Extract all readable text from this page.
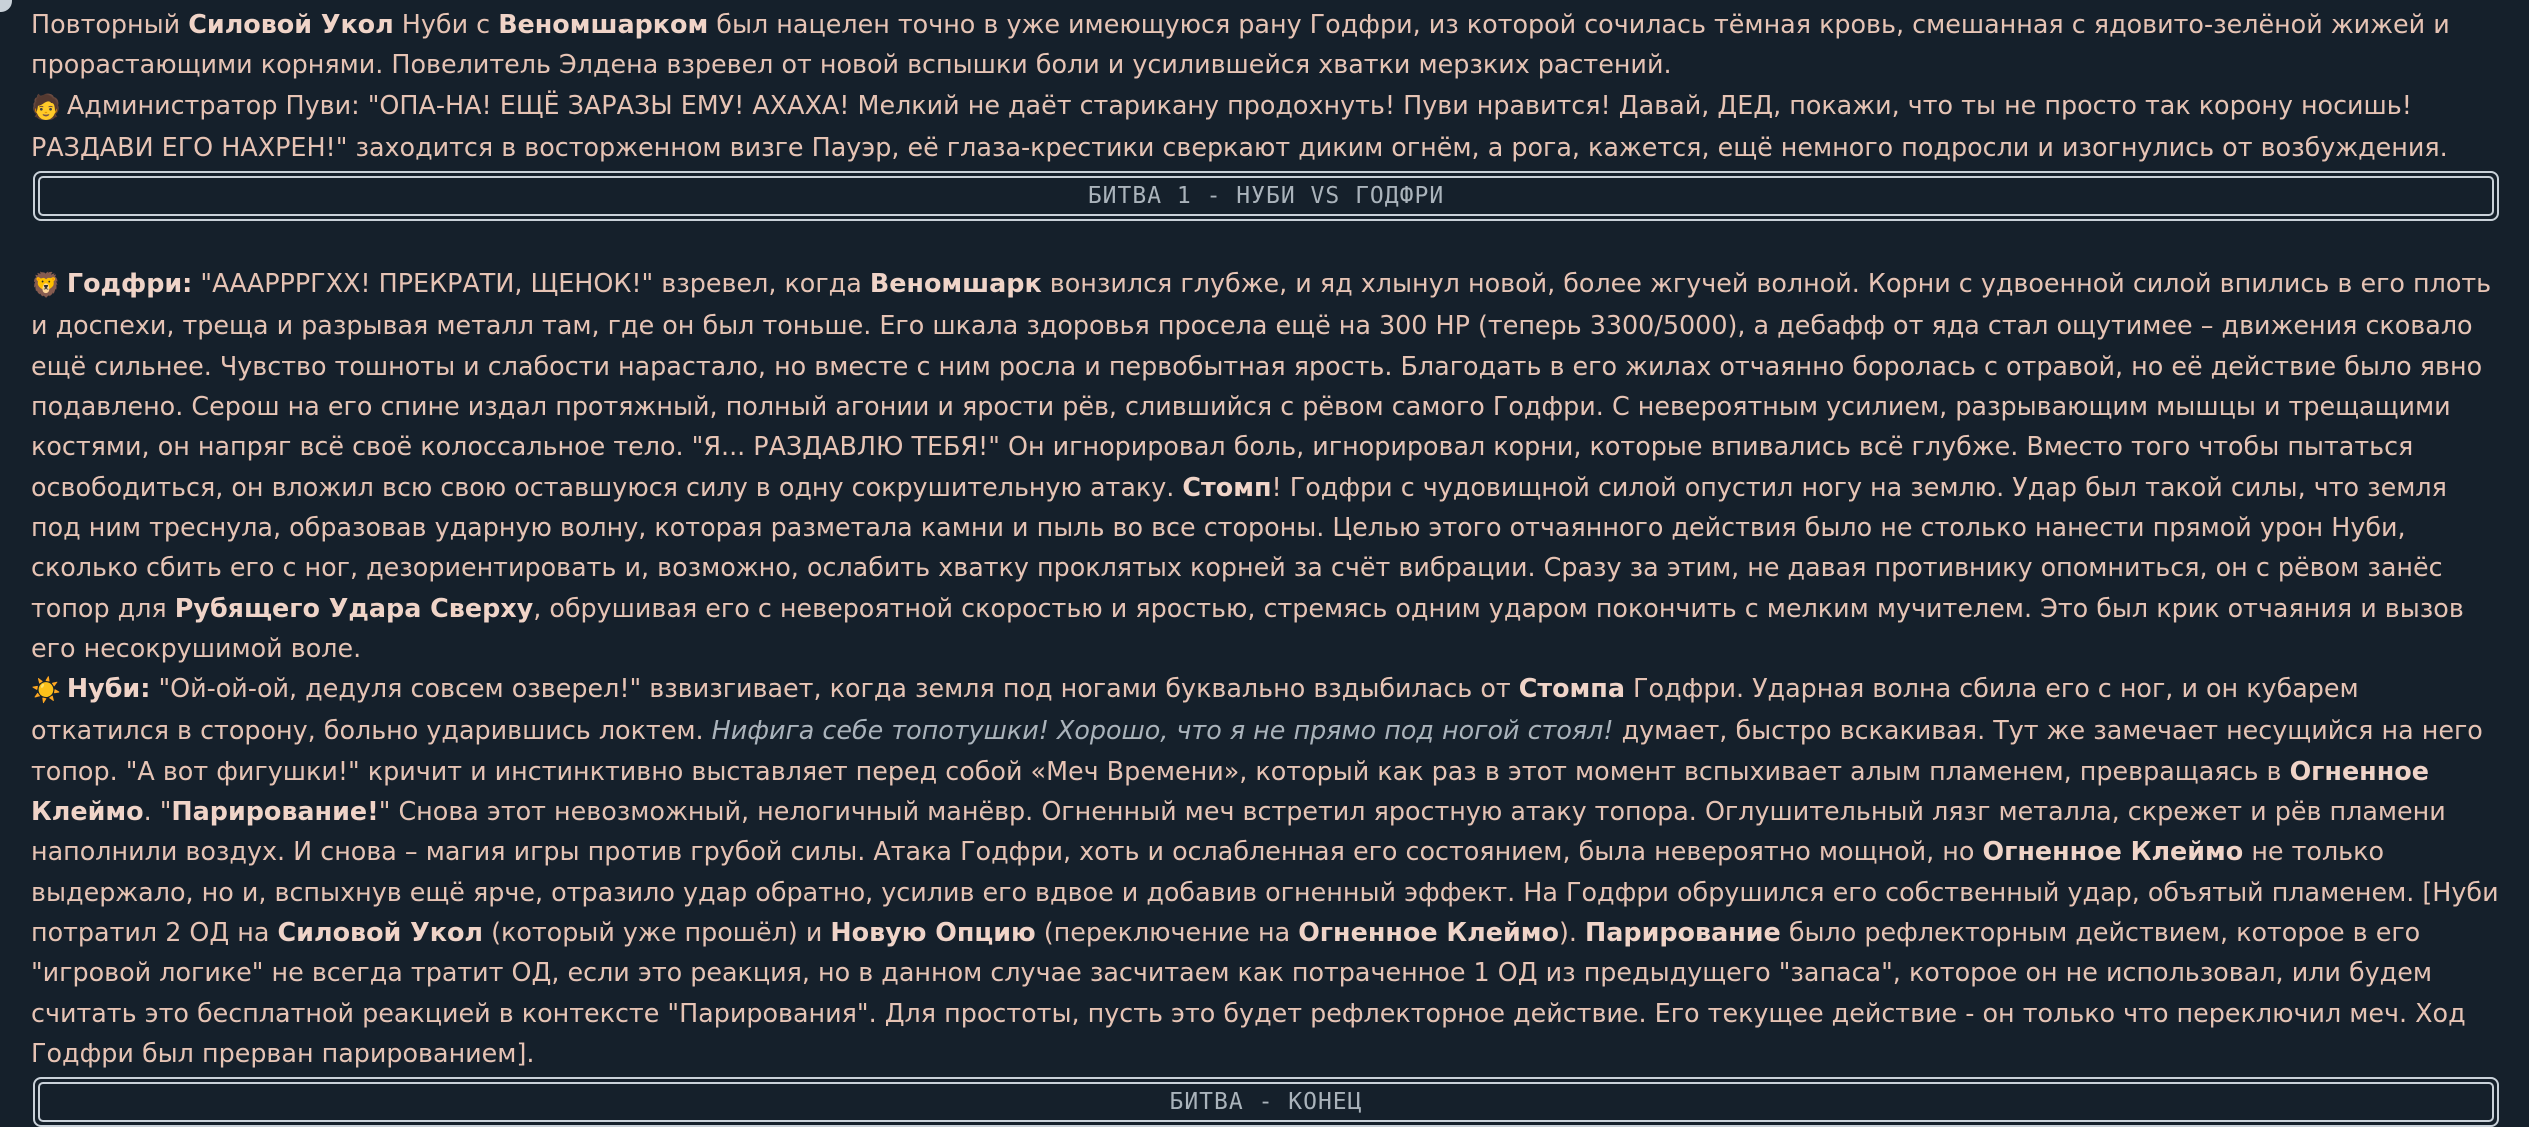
Повторный Силовой Укол Нуби с Веномшарком был нацелен точно в уже имеющуюся рану Годфри, из которой сочилась тёмная кровь, смешанная с ядовито-зелёной жижей и прорастающими корнями. Повелитель Элдена взревел от новой вспышки боли и усилившейся хватки мерзких растений.

🧑 Администратор Пуви: "ОПА-НА! ЕЩЁ ЗАРАЗЫ ЕМУ! АХАХА! Мелкий не даёт старикану продохнуть! Пуви нравится! Давай, ДЕД, покажи, что ты не просто так корону носишь! РАЗДАВИ ЕГО НАХРЕН!" заходится в восторженном визге Пауэр, её глаза-крестики сверкают диким огнём, а рога, кажется, ещё немного подросли и изогнулись от возбуждения.

БИТВА 1 - НУБИ VS ГОДФРИ

🦁 Годфри: "АААРРРГХХ! ПРЕКРАТИ, ЩЕНОК!" взревел, когда Веномшарк вонзился глубже, и яд хлынул новой, более жгучей волной. Корни с удвоенной силой впились в его плоть и доспехи, треща и разрывая металл там, где он был тоньше. Его шкала здоровья просела ещё на 300 HP (теперь 3300/5000), а дебафф от яда стал ощутимее – движения сковало ещё сильнее. Чувство тошноты и слабости нарастало, но вместе с ним росла и первобытная ярость. Благодать в его жилах отчаянно боролась с отравой, но её действие было явно подавлено. Серош на его спине издал протяжный, полный агонии и ярости рёв, слившийся с рёвом самого Годфри. С невероятным усилием, разрывающим мышцы и трещащими костями, он напряг всё своё колоссальное тело. "Я... РАЗДАВЛЮ ТЕБЯ!" Он игнорировал боль, игнорировал корни, которые впивались всё глубже. Вместо того чтобы пытаться освободиться, он вложил всю свою оставшуюся силу в одну сокрушительную атаку. Стомп! Годфри с чудовищной силой опустил ногу на землю. Удар был такой силы, что земля под ним треснула, образовав ударную волну, которая разметала камни и пыль во все стороны. Целью этого отчаянного действия было не столько нанести прямой урон Нуби, сколько сбить его с ног, дезориентировать и, возможно, ослабить хватку проклятых корней за счёт вибрации. Сразу за этим, не давая противнику опомниться, он с рёвом занёс топор для Рубящего Удара Сверху, обрушивая его с невероятной скоростью и яростью, стремясь одним ударом покончить с мелким мучителем. Это был крик отчаяния и вызов его несокрушимой воле.

☀️ Нуби: "Ой-ой-ой, дедуля совсем озверел!" взвизгивает, когда земля под ногами буквально вздыбилась от Стомпа Годфри. Ударная волна сбила его с ног, и он кубарем откатился в сторону, больно ударившись локтем. Нифига себе топотушки! Хорошо, что я не прямо под ногой стоял! думает, быстро вскакивая. Тут же замечает несущийся на него топор. "А вот фигушки!" кричит и инстинктивно выставляет перед собой «Меч Времени», который как раз в этот момент вспыхивает алым пламенем, превращаясь в Огненное Клеймо. "Парирование!" Снова этот невозможный, нелогичный манёвр. Огненный меч встретил яростную атаку топора. Оглушительный лязг металла, скрежет и рёв пламени наполнили воздух. И снова – магия игры против грубой силы. Атака Годфри, хоть и ослабленная его состоянием, была невероятно мощной, но Огненное Клеймо не только выдержало, но и, вспыхнув ещё ярче, отразило удар обратно, усилив его вдвое и добавив огненный эффект. На Годфри обрушился его собственный удар, объятый пламенем. [Нуби потратил 2 ОД на Силовой Укол (который уже прошёл) и Новую Опцию (переключение на Огненное Клеймо). Парирование было рефлекторным действием, которое в его "игровой логике" не всегда тратит ОД, если это реакция, но в данном случае засчитаем как потраченное 1 ОД из предыдущего "запаса", которое он не использовал, или будем считать это бесплатной реакцией в контексте "Парирования". Для простоты, пусть это будет рефлекторное действие. Его текущее действие - он только что переключил меч. Ход Годфри был прерван парированием].

БИТВА - КОНЕЦ
